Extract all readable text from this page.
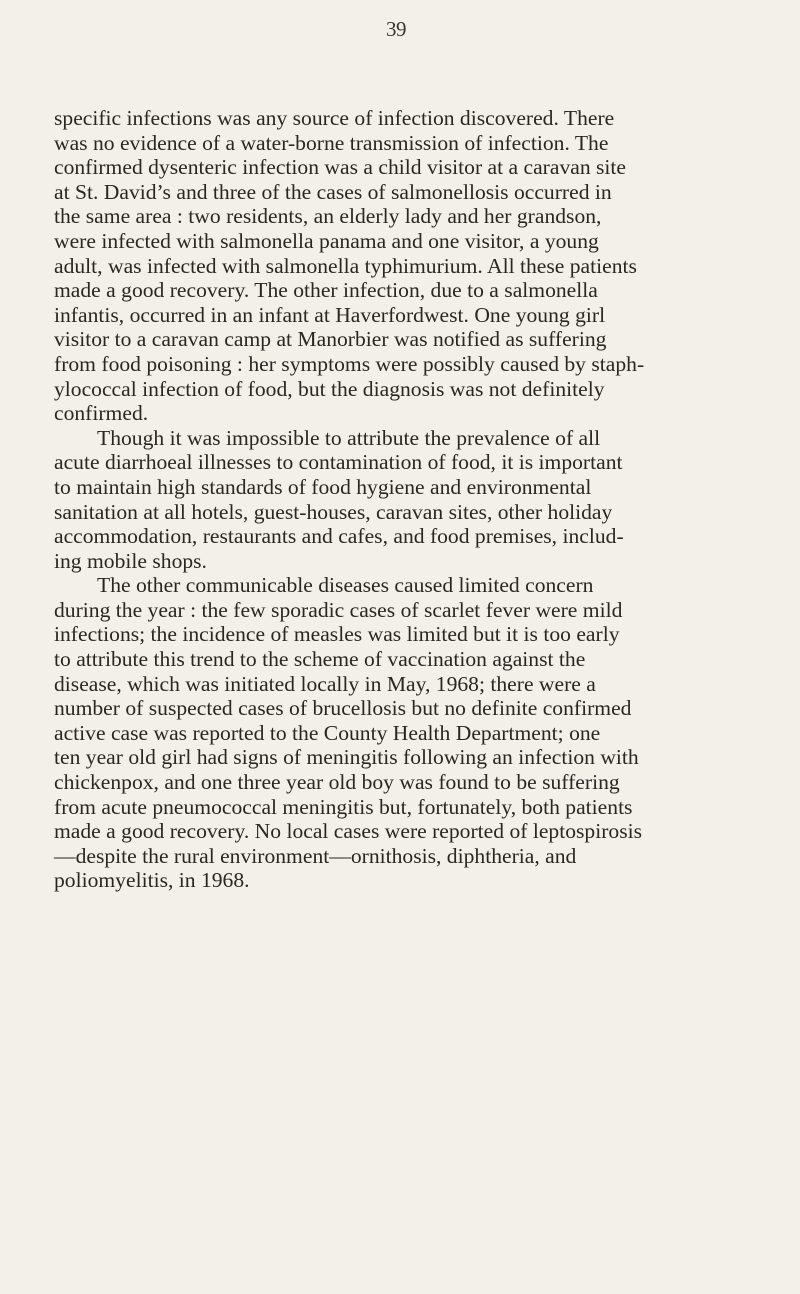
39

specific infections was any source of infection discovered. There
was no evidence of a water-borne transmission of infection. The
confirmed dysenteric infection was a child visitor at a caravan site
at St. David’s and three of the cases of salmonellosis occurred in
the same area : two residents, an elderly lady and her grandson,
were infected with salmonella panama and one visitor, a young
adult, was infected with salmonella typhimurium. All these patients
made a good recovery. The other infection, due to a salmonella
infantis, occurred in an infant at Haverfordwest. One young girl
visitor to a caravan camp at Manorbier was notified as suffering
from food poisoning : her symptoms were possibly caused by staph-
ylococcal infection of food, but the diagnosis was not definitely
confirmed.

Though it was impossible to attribute the prevalence of all
acute diarrhoeal illnesses to contamination of food, it is important
to maintain high standards of food hygiene and environmental
sanitation at all hotels, guest-houses, caravan sites, other holiday
accommodation, restaurants and cafes, and food premises, includ-
ing mobile shops.

The other communicable diseases caused limited concern
during the year : the few sporadic cases of scarlet fever were mild
infections; the incidence of measles was limited but it is too early
to attribute this trend to the scheme of vaccination against the
disease, which was initiated locally in May, 1968; there were a
number of suspected cases of brucellosis but no definite confirmed
active case was reported to the County Health Department; one
ten year old girl had signs of meningitis following an infection with
chickenpox, and one three year old boy was found to be suffering
from acute pneumococcal meningitis but, fortunately, both patients
made a good recovery. No local cases were reported of leptospirosis
—despite the rural environment—ornithosis, diphtheria, and
poliomyelitis, in 1968.
